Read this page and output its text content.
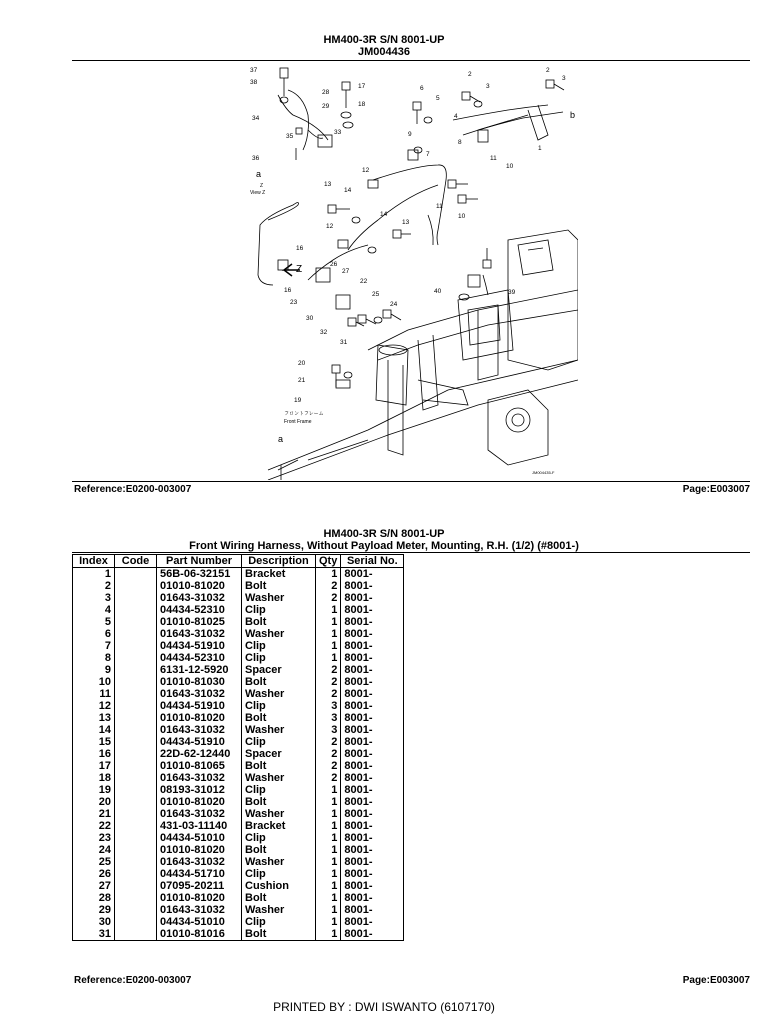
HM400-3R S/N 8001-UP
JM004436
37
38
34
35
36
28
17
29	18
33
6
5
2
3
2
3
4
1
b
9
8
7
11
10
12
13
14
12
13
14
11
10
a
Z
View Z
16
Z
16
26
27
22
23
30
32
31
25
24
40	39
20
21
19
a
フロントフレーム
Front Frame
JM004435-F
Reference:E0200-003007	Page:E003007
HM400-3R S/N 8001-UP
Front Wiring Harness, Without Payload Meter, Mounting, R.H. (1/2) (#8001-)
Index	Code	Part Number	Description	Qty	Serial No.
1		56B-06-32151	Bracket	1	8001-
2		01010-81020	Bolt	2	8001-
3		01643-31032	Washer	2	8001-
4		04434-52310	Clip	1	8001-
5		01010-81025	Bolt	1	8001-
6		01643-31032	Washer	1	8001-
7		04434-51910	Clip	1	8001-
8		04434-52310	Clip	1	8001-
9		6131-12-5920	Spacer	2	8001-
10		01010-81030	Bolt	2	8001-
11		01643-31032	Washer	2	8001-
12		04434-51910	Clip	3	8001-
13		01010-81020	Bolt	3	8001-
14		01643-31032	Washer	3	8001-
15		04434-51910	Clip	2	8001-
16		22D-62-12440	Spacer	2	8001-
17		01010-81065	Bolt	2	8001-
18		01643-31032	Washer	2	8001-
19		08193-31012	Clip	1	8001-
20		01010-81020	Bolt	1	8001-
21		01643-31032	Washer	1	8001-
22		431-03-11140	Bracket	1	8001-
23		04434-51010	Clip	1	8001-
24		01010-81020	Bolt	1	8001-
25		01643-31032	Washer	1	8001-
26		04434-51710	Clip	1	8001-
27		07095-20211	Cushion	1	8001-
28		01010-81020	Bolt	1	8001-
29		01643-31032	Washer	1	8001-
30		04434-51010	Clip	1	8001-
31		01010-81016	Bolt	1	8001-
Reference:E0200-003007	Page:E003007
PRINTED BY : DWI ISWANTO (6107170)
